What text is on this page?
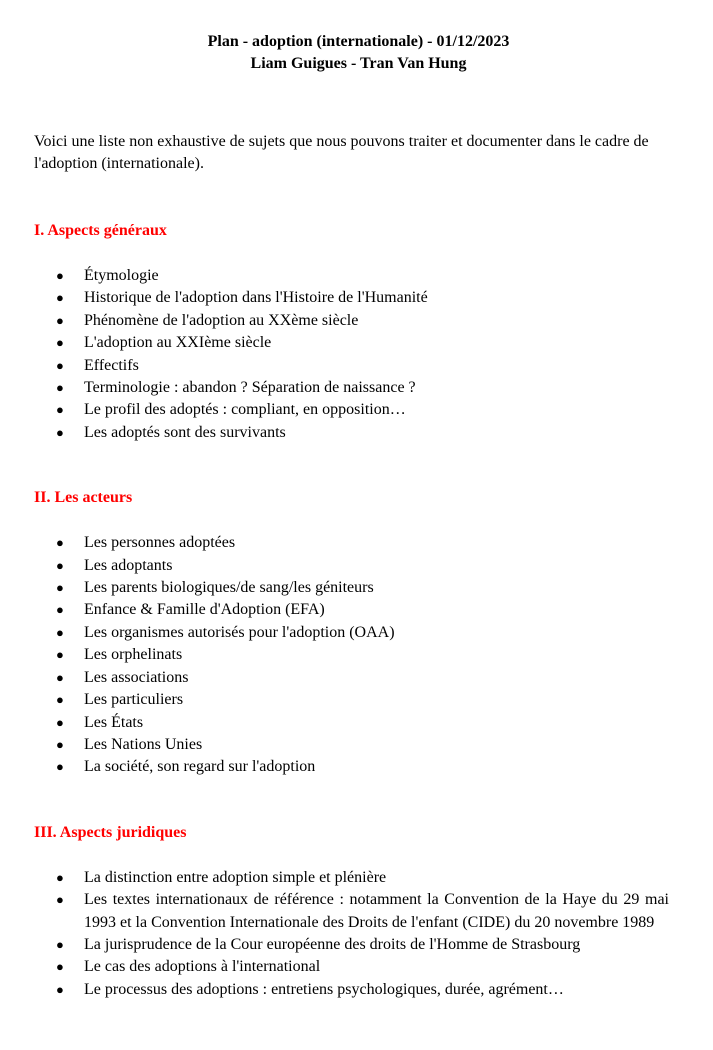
Plan - adoption (internationale) - 01/12/2023
Liam Guigues - Tran Van Hung

Voici une liste non exhaustive de sujets que nous pouvons traiter et documenter dans le cadre de l'adoption (internationale).

I. Aspects généraux
● Étymologie
● Historique de l'adoption dans l'Histoire de l'Humanité
● Phénomène de l'adoption au XXème siècle
● L'adoption au XXIème siècle
● Effectifs
● Terminologie : abandon ? Séparation de naissance ?
● Le profil des adoptés : compliant, en opposition…
● Les adoptés sont des survivants
II. Les acteurs
● Les personnes adoptées
● Les adoptants
● Les parents biologiques/de sang/les géniteurs
● Enfance & Famille d'Adoption (EFA)
● Les organismes autorisés pour l'adoption (OAA)
● Les orphelinats
● Les associations
● Les particuliers
● Les États
● Les Nations Unies
● La société, son regard sur l'adoption
III. Aspects juridiques
● La distinction entre adoption simple et plénière
● Les textes internationaux de référence : notamment la Convention de la Haye du 29 mai 1993 et la Convention Internationale des Droits de l'enfant (CIDE) du 20 novembre 1989
● La jurisprudence de la Cour européenne des droits de l'Homme de Strasbourg
● Le cas des adoptions à l'international
● Le processus des adoptions : entretiens psychologiques, durée, agrément…
